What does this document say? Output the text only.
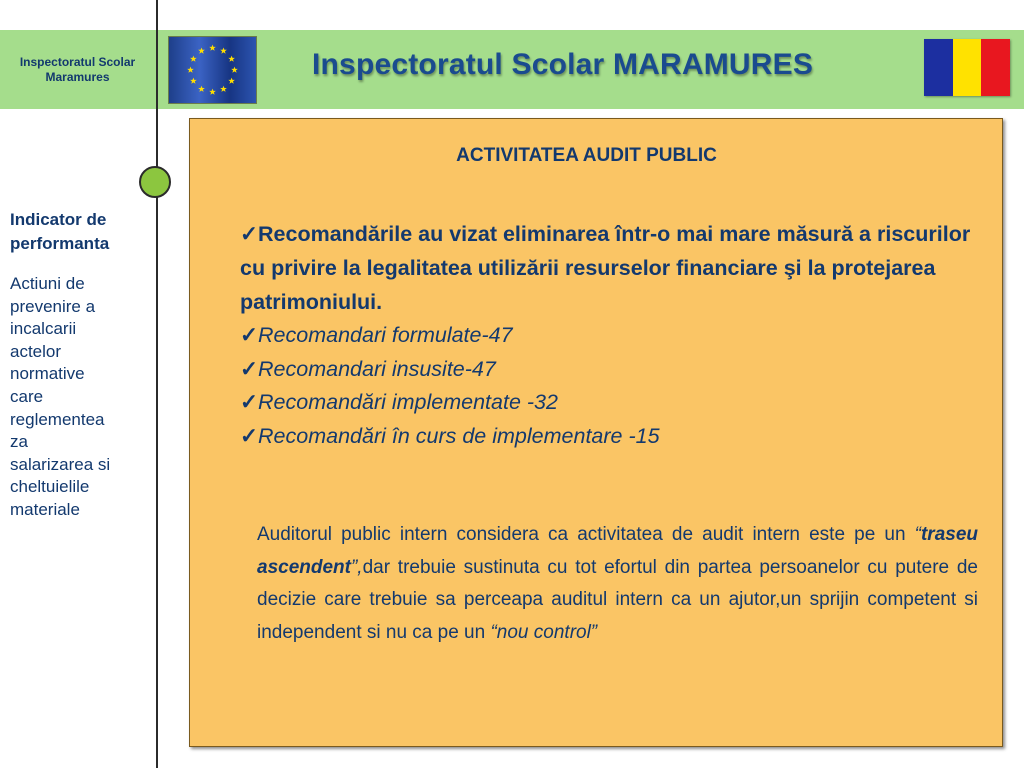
Inspectoratul Scolar
Maramures	Inspectoratul Scolar MARAMURES
Indicator de performanta
Actiuni de
prevenire a
incalcarii
actelor
normative
care
reglementea
za
salarizarea si
cheltuielile
materiale
ACTIVITATEA AUDIT PUBLIC
✓Recomandările au vizat eliminarea într-o mai mare măsură a riscurilor cu privire la legalitatea utilizării resurselor financiare şi la protejarea patrimoniului.
✓Recomandari formulate-47
✓Recomandari insusite-47
✓Recomandări implementate -32
✓Recomandări în curs de implementare -15
Auditorul public intern considera ca activitatea de audit intern este pe un “traseu ascendent”,dar trebuie sustinuta cu tot efortul din partea persoanelor cu putere de decizie care trebuie sa perceapa auditul intern ca un ajutor,un sprijin competent si independent si nu ca pe un “nou control”
